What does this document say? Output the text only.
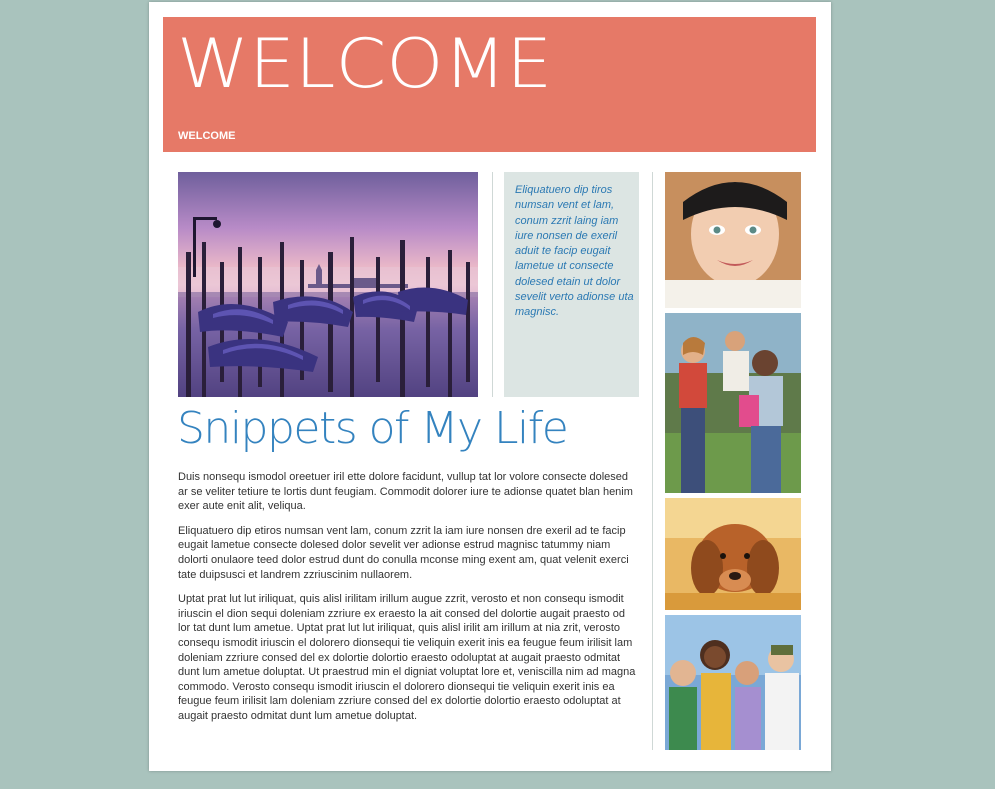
WELCOME
WELCOME
Eliquatuero dip tiros numsan vent et lam, conum zzrit laing iam iure nonsen de exeril aduit te facip eugait lametue ut consecte dolesed etain ut dolor sevelit verto adionse uta magnisc.
Snippets of My Life

Duis nonsequ ismodol oreetuer iril ette dolore facidunt, vullup tat lor volore consecte dolesed ar se veliter tetiure te lortis dunt feugiam. Commodit dolorer iure te adionse quatet blan henim exer aute enit alit, veliqua.

Eliquatuero dip etiros numsan vent lam, conum zzrit la iam iure nonsen dre exeril ad te facip eugait lametue consecte dolesed dolor sevelit ver adionse estrud magnisc tatummy niam dolorti onulaore teed dolor estrud dunt do conulla mconse ming exent am, quat velenit exerci tate duipsusci et landrem zzriuscinim nullaorem.

Uptat prat lut lut iriliquat, quis alisl irilitam irillum augue zzrit, verosto et non consequ ismodit iriuscin el dion sequi doleniam zzriure ex eraesto la ait consed del dolortie augait praesto od lor tat dunt lum ametue. Uptat prat lut lut iriliquat, quis alisl irilit am irillum at nia zrit, verosto consequ ismodit iriuscin el dolorero dionsequi tie veliquin exerit inis ea feugue feum irilisit lam doleniam zzriure consed del ex dolortie dolortio eraesto odoluptat at augait praesto odmitat dunt lum ametue doluptat. Ut praestrud min el digniat voluptat lore et, veniscilla nim ad magna commodo. Verosto consequ ismodit iriuscin el dolorero dionsequi tie veliquin exerit inis ea feugue feum irilisit lam doleniam zzriure consed del ex dolortie dolortio eraesto odoluptat at augait praesto odmitat dunt lum ametue doluptat.
